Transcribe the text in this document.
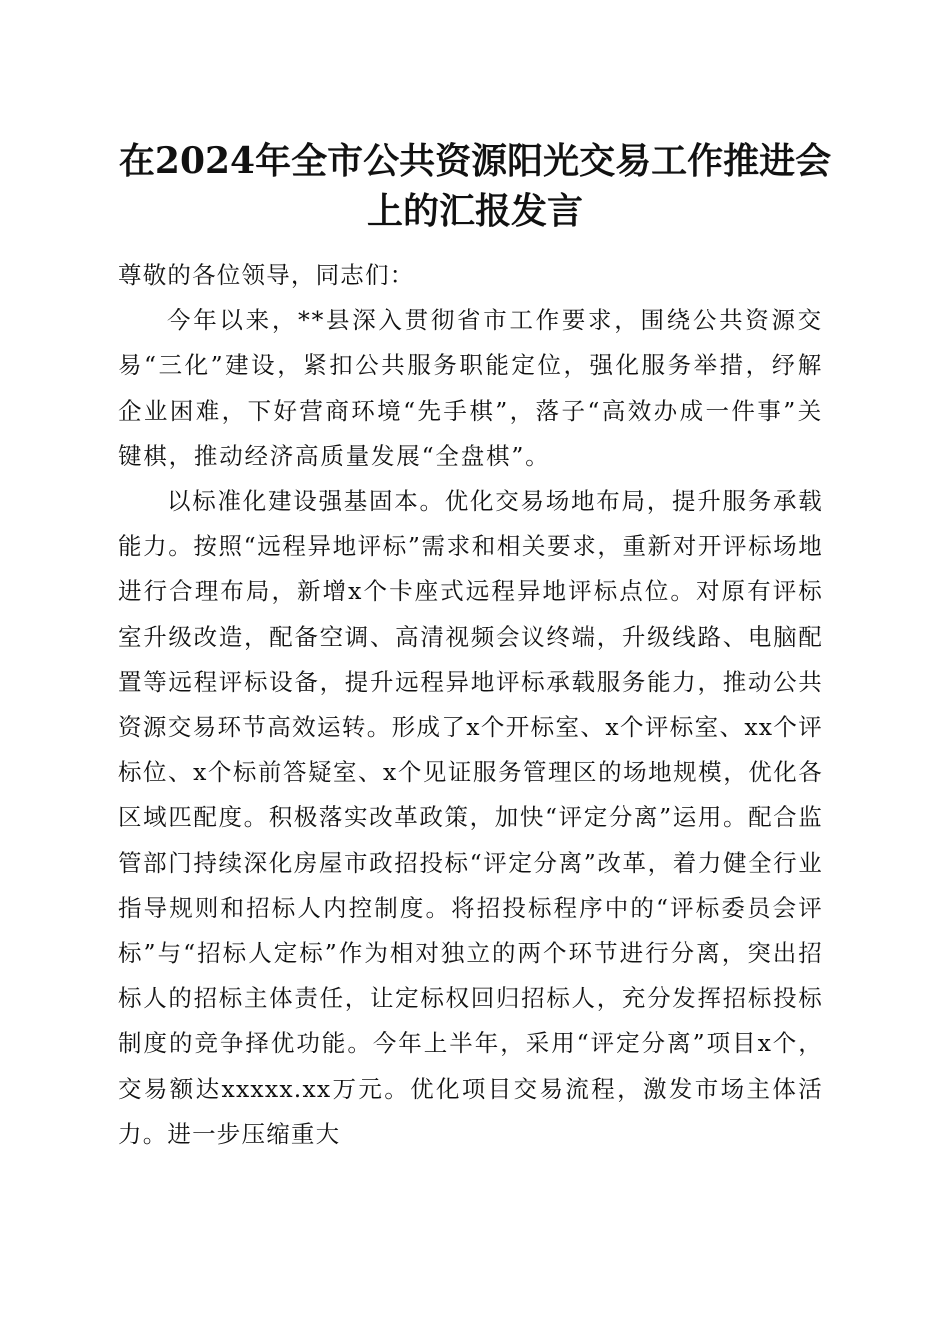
在2024年全市公共资源阳光交易工作推进会
上的汇报发言

尊敬的各位领导，同志们：

今年以来，**县深入贯彻省市工作要求，围绕公共资源交易“三化”建设，紧扣公共服务职能定位，强化服务举措，纾解企业困难，下好营商环境“先手棋”，落子“高效办成一件事”关键棋，推动经济高质量发展“全盘棋”。

以标准化建设强基固本。优化交易场地布局，提升服务承载能力。按照“远程异地评标”需求和相关要求，重新对开评标场地进行合理布局，新增x个卡座式远程异地评标点位。对原有评标室升级改造，配备空调、高清视频会议终端，升级线路、电脑配置等远程评标设备，提升远程异地评标承载服务能力，推动公共资源交易环节高效运转。形成了x个开标室、x个评标室、xx个评标位、x个标前答疑室、x个见证服务管理区的场地规模，优化各区域匹配度。积极落实改革政策，加快“评定分离”运用。配合监管部门持续深化房屋市政招投标“评定分离”改革，着力健全行业指导规则和招标人内控制度。将招投标程序中的“评标委员会评标”与“招标人定标”作为相对独立的两个环节进行分离，突出招标人的招标主体责任，让定标权回归招标人，充分发挥招标投标制度的竞争择优功能。今年上半年，采用“评定分离”项目x个，交易额达xxxxx.xx万元。优化项目交易流程，激发市场主体活力。进一步压缩重大
